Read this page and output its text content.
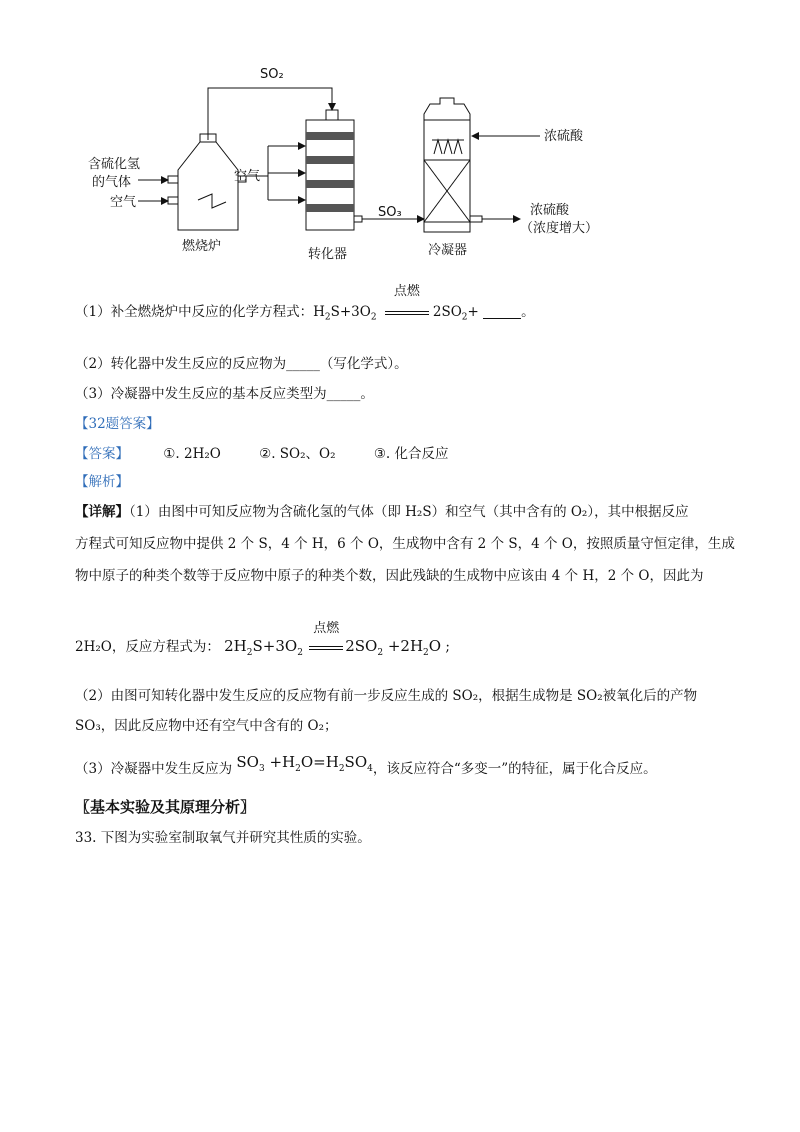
SO₂
含硫化氢
的气体
空气
燃烧炉
空气
转化器
SO₃
浓硫酸
浓硫酸
（浓度增大）
冷凝器
（1）补全燃烧炉中反应的化学方程式：$H_2S+3O_2$
点燃
$2SO_2+$	。
（2）转化器中发生反应的反应物为_____（写化学式）。
（3）冷凝器中发生反应的基本反应类型为_____。
【32题答案】
【答案】	①. 2H₂O	②. SO₂、O₂	③. 化合反应
【解析】
【详解】（1）由图中可知反应物为含硫化氢的气体（即 H₂S）和空气（其中含有的 O₂），其中根据反应
方程式可知反应物中提供 2 个 S，4 个 H，6 个 O，生成物中含有 2 个 S，4 个 O，按照质量守恒定律，生成
物中原子的种类个数等于反应物中原子的种类个数，因此残缺的生成物中应该由 4 个 H，2 个 O，因此为
2H₂O，反应方程式为： $2H_2S+3O_2$
点燃
$2SO_2 +2H_2O$ ;
（2）由图可知转化器中发生反应的反应物有前一步反应生成的 SO₂，根据生成物是 SO₂被氧化后的产物
SO₃，因此反应物中还有空气中含有的 O₂；
（3）冷凝器中发生反应为 $SO_3 +H_2O=H_2SO_4$，该反应符合“多变一”的特征，属于化合反应。
〖基本实验及其原理分析〗
33. 下图为实验室制取氧气并研究其性质的实验。
